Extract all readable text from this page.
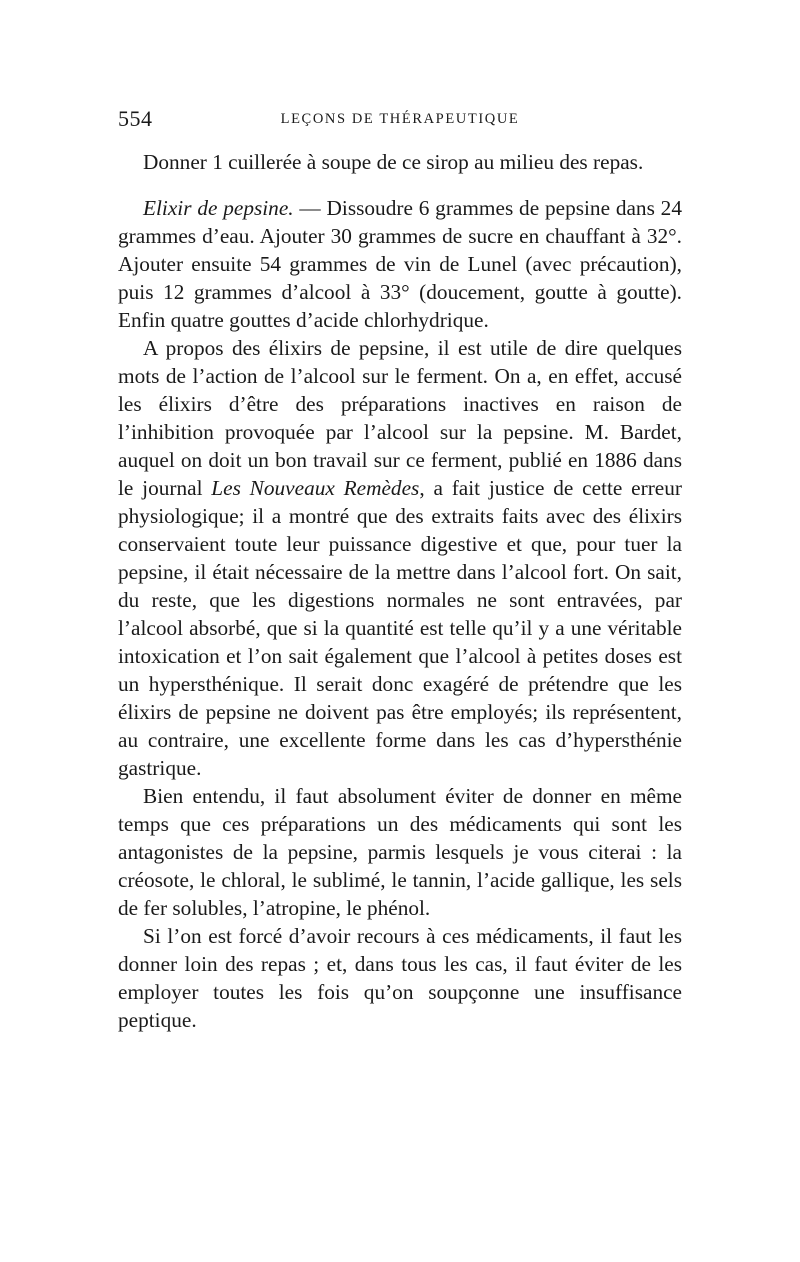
554	LEÇONS DE THÉRAPEUTIQUE

Donner 1 cuillerée à soupe de ce sirop au milieu des repas.

Elixir de pepsine. — Dissoudre 6 grammes de pepsine dans 24 grammes d’eau. Ajouter 30 grammes de sucre en chauffant à 32°. Ajouter ensuite 54 grammes de vin de Lunel (avec précaution), puis 12 grammes d’alcool à 33° (doucement, goutte à goutte). Enfin quatre gouttes d’acide chlorhydrique.

A propos des élixirs de pepsine, il est utile de dire quelques mots de l’action de l’alcool sur le ferment. On a, en effet, accusé les élixirs d’être des préparations inactives en raison de l’inhibition provoquée par l’alcool sur la pepsine. M. Bardet, auquel on doit un bon travail sur ce ferment, publié en 1886 dans le journal Les Nouveaux Remèdes, a fait justice de cette erreur physiologique; il a montré que des extraits faits avec des élixirs conservaient toute leur puissance digestive et que, pour tuer la pepsine, il était nécessaire de la mettre dans l’alcool fort. On sait, du reste, que les digestions normales ne sont entravées, par l’alcool absorbé, que si la quantité est telle qu’il y a une véritable intoxication et l’on sait également que l’alcool à petites doses est un hypersthénique. Il serait donc exagéré de prétendre que les élixirs de pepsine ne doivent pas être employés; ils représentent, au contraire, une excellente forme dans les cas d’hypersthénie gastrique.

Bien entendu, il faut absolument éviter de donner en même temps que ces préparations un des médicaments qui sont les antagonistes de la pepsine, parmis lesquels je vous citerai : la créosote, le chloral, le sublimé, le tannin, l’acide gallique, les sels de fer solubles, l’atropine, le phénol.

Si l’on est forcé d’avoir recours à ces médicaments, il faut les donner loin des repas ; et, dans tous les cas, il faut éviter de les employer toutes les fois qu’on soupçonne une insuffisance peptique.
